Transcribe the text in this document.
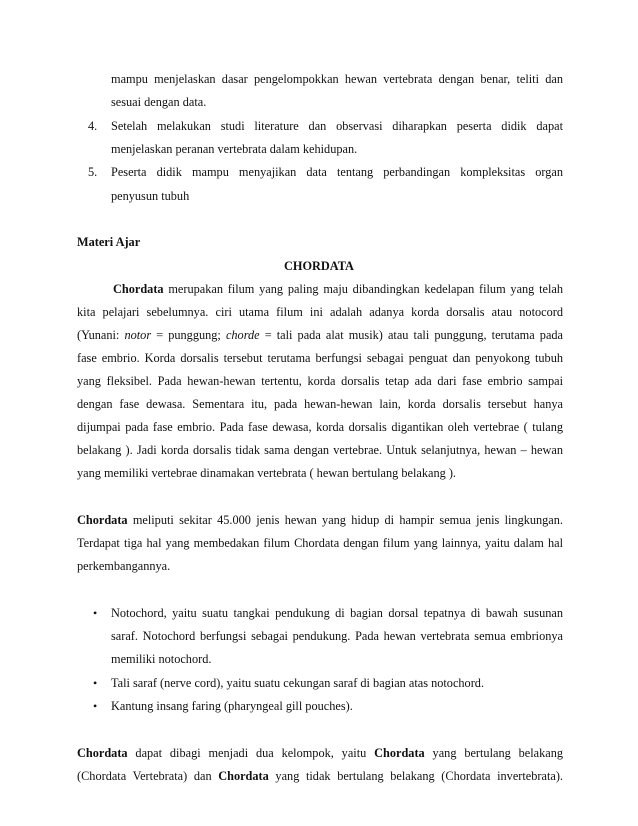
mampu menjelaskan dasar pengelompokkan hewan vertebrata dengan benar, teliti dan
sesuai dengan data.
4. Setelah melakukan studi literature dan observasi diharapkan peserta didik dapat
menjelaskan peranan vertebrata dalam kehidupan.
5. Peserta didik mampu menyajikan data tentang perbandingan kompleksitas organ
penyusun tubuh
Materi Ajar
CHORDATA
Chordata merupakan filum yang paling maju dibandingkan kedelapan filum yang telah
kita pelajari sebelumnya. ciri utama filum ini adalah adanya korda dorsalis atau notocord
(Yunani: notor = punggung; chorde = tali pada alat musik) atau tali punggung, terutama pada
fase embrio. Korda dorsalis tersebut terutama berfungsi sebagai penguat dan penyokong tubuh
yang fleksibel. Pada hewan-hewan tertentu, korda dorsalis tetap ada dari fase embrio sampai
dengan fase dewasa. Sementara itu, pada hewan-hewan lain, korda dorsalis tersebut hanya
dijumpai pada fase embrio. Pada fase dewasa, korda dorsalis digantikan oleh vertebrae ( tulang
belakang ). Jadi korda dorsalis tidak sama dengan vertebrae. Untuk selanjutnya, hewan – hewan
yang memiliki vertebrae dinamakan vertebrata ( hewan bertulang belakang ).
Chordata meliputi sekitar 45.000 jenis hewan yang hidup di hampir semua jenis lingkungan.
Terdapat tiga hal yang membedakan filum Chordata dengan filum yang lainnya, yaitu dalam hal
perkembangannya.
• Notochord, yaitu suatu tangkai pendukung di bagian dorsal tepatnya di bawah susunan
saraf. Notochord berfungsi sebagai pendukung. Pada hewan vertebrata semua embrionya
memiliki notochord.
• Tali saraf (nerve cord), yaitu suatu cekungan saraf di bagian atas notochord.
• Kantung insang faring (pharyngeal gill pouches).
Chordata dapat dibagi menjadi dua kelompok, yaitu Chordata yang bertulang belakang
(Chordata Vertebrata) dan Chordata yang tidak bertulang belakang (Chordata invertebrata).
